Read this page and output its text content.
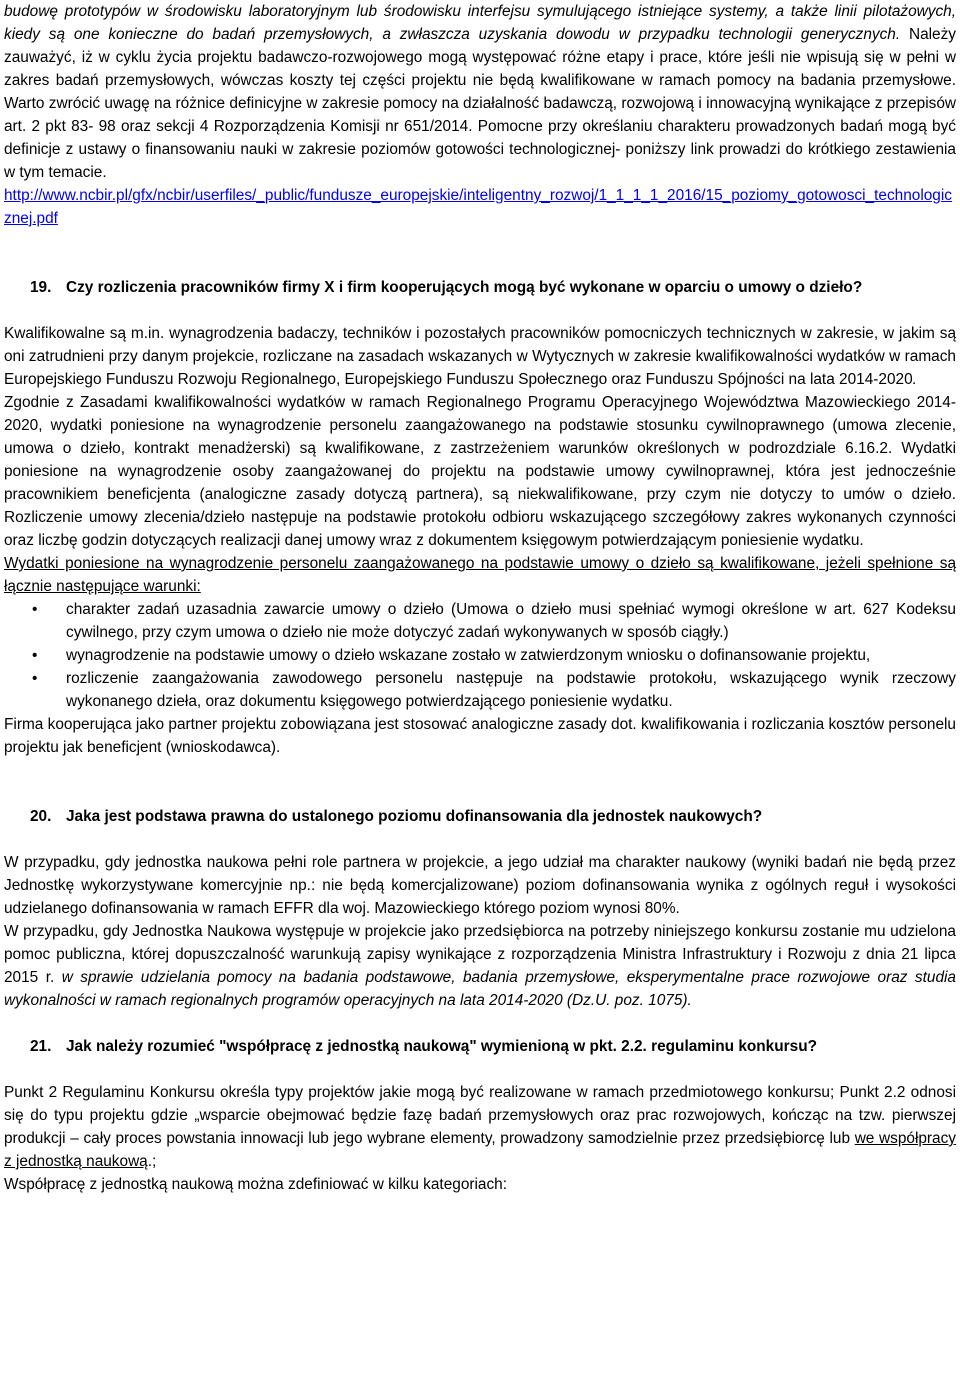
budowę prototypów w środowisku laboratoryjnym lub środowisku interfejsu symulującego istniejące systemy, a także linii pilotażowych, kiedy są one konieczne do badań przemysłowych, a zwłaszcza uzyskania dowodu w przypadku technologii generycznych. Należy zauważyć, iż w cyklu życia projektu badawczo-rozwojowego mogą występować różne etapy i prace, które jeśli nie wpisują się w pełni w zakres badań przemysłowych, wówczas koszty tej części projektu nie będą kwalifikowane w ramach pomocy na badania przemysłowe. Warto zwrócić uwagę na różnice definicyjne w zakresie pomocy na działalność badawczą, rozwojową i innowacyjną wynikające z przepisów art. 2 pkt 83- 98 oraz sekcji 4 Rozporządzenia Komisji nr 651/2014. Pomocne przy określaniu charakteru prowadzonych badań mogą być definicje z ustawy o finansowaniu nauki w zakresie poziomów gotowości technologicznej- poniższy link prowadzi do krótkiego zestawienia w tym temacie.

http://www.ncbir.pl/gfx/ncbir/userfiles/_public/fundusze_europejskie/inteligentny_rozwoj/1_1_1_1_2016/15_poziomy_gotowosci_technologicznej.pdf

19. Czy rozliczenia pracowników firmy X i firm kooperujących mogą być wykonane w oparciu o umowy o dzieło?

Kwalifikowalne są m.in. wynagrodzenia badaczy, techników i pozostałych pracowników pomocniczych technicznych w zakresie, w jakim są oni zatrudnieni przy danym projekcie, rozliczane na zasadach wskazanych w Wytycznych w zakresie kwalifikowalności wydatków w ramach Europejskiego Funduszu Rozwoju Regionalnego, Europejskiego Funduszu Społecznego oraz Funduszu Spójności na lata 2014-2020.

Zgodnie z Zasadami kwalifikowalności wydatków w ramach Regionalnego Programu Operacyjnego Województwa Mazowieckiego 2014-2020, wydatki poniesione na wynagrodzenie personelu zaangażowanego na podstawie stosunku cywilnoprawnego (umowa zlecenie, umowa o dzieło, kontrakt menadżerski) są kwalifikowane, z zastrzeżeniem warunków określonych w podrozdziale 6.16.2. Wydatki poniesione na wynagrodzenie osoby zaangażowanej do projektu na podstawie umowy cywilnoprawnej, która jest jednocześnie pracownikiem beneficjenta (analogiczne zasady dotyczą partnera), są niekwalifikowane, przy czym nie dotyczy to umów o dzieło. Rozliczenie umowy zlecenia/dzieło następuje na podstawie protokołu odbioru wskazującego szczegółowy zakres wykonanych czynności oraz liczbę godzin dotyczących realizacji danej umowy wraz z dokumentem księgowym potwierdzającym poniesienie wydatku.

Wydatki poniesione na wynagrodzenie personelu zaangażowanego na podstawie umowy o dzieło są kwalifikowane, jeżeli spełnione są łącznie następujące warunki:

•	charakter zadań uzasadnia zawarcie umowy o dzieło (Umowa o dzieło musi spełniać wymogi określone w art. 627 Kodeksu cywilnego, przy czym umowa o dzieło nie może dotyczyć zadań wykonywanych w sposób ciągły.)
•	wynagrodzenie na podstawie umowy o dzieło wskazane zostało w zatwierdzonym wniosku o dofinansowanie projektu,
•	rozliczenie zaangażowania zawodowego personelu następuje na podstawie protokołu, wskazującego wynik rzeczowy wykonanego dzieła, oraz dokumentu księgowego potwierdzającego poniesienie wydatku.

Firma kooperująca jako partner projektu zobowiązana jest stosować analogiczne zasady dot. kwalifikowania i rozliczania kosztów personelu projektu jak beneficjent (wnioskodawca).

20. Jaka jest podstawa prawna do ustalonego poziomu dofinansowania dla jednostek naukowych?

W przypadku, gdy jednostka naukowa pełni role partnera w projekcie, a jego udział ma charakter naukowy (wyniki badań nie będą przez Jednostkę wykorzystywane komercyjnie np.: nie będą komercjalizowane) poziom dofinansowania wynika z ogólnych reguł i wysokości udzielanego dofinansowania w ramach EFFR dla woj. Mazowieckiego którego poziom wynosi 80%.

W przypadku, gdy Jednostka Naukowa występuje w projekcie jako przedsiębiorca na potrzeby niniejszego konkursu zostanie mu udzielona pomoc publiczna, której dopuszczalność warunkują zapisy wynikające z rozporządzenia Ministra Infrastruktury i Rozwoju z dnia 21 lipca 2015 r. w sprawie udzielania pomocy na badania podstawowe, badania przemysłowe, eksperymentalne prace rozwojowe oraz studia wykonalności w ramach regionalnych programów operacyjnych na lata 2014-2020 (Dz.U. poz. 1075).

21. Jak należy rozumieć "współpracę z jednostką naukową" wymienioną w pkt. 2.2. regulaminu konkursu?

Punkt 2 Regulaminu Konkursu określa typy projektów jakie mogą być realizowane w ramach przedmiotowego konkursu; Punkt 2.2 odnosi się do typu projektu gdzie „wsparcie obejmować będzie fazę badań przemysłowych oraz prac rozwojowych, kończąc na tzw. pierwszej produkcji – cały proces powstania innowacji lub jego wybrane elementy, prowadzony samodzielnie przez przedsiębiorcę lub we współpracy z jednostką naukową.;

Współpracę z jednostką naukową można zdefiniować w kilku kategoriach:
